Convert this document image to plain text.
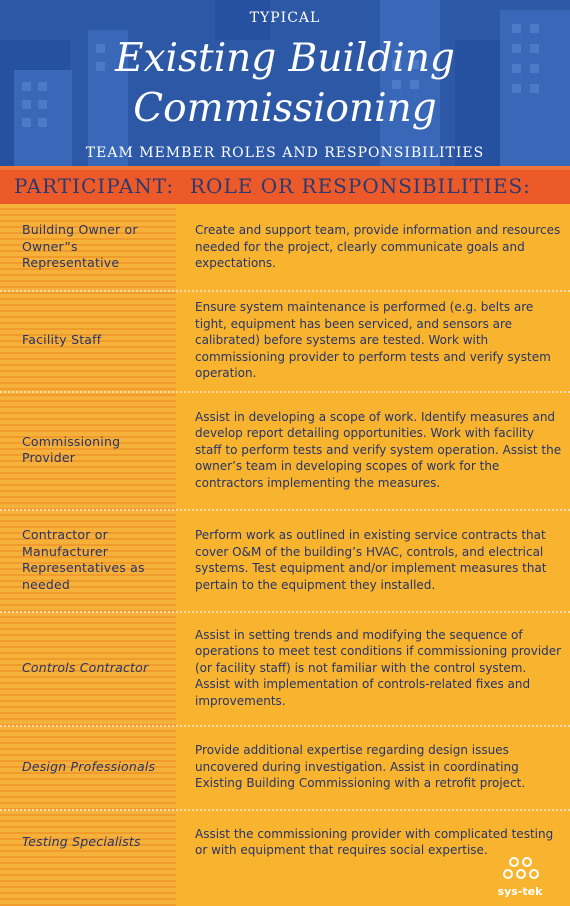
TYPICAL
Existing Building
Commissioning
TEAM MEMBER ROLES AND RESPONSIBILITIES
PARTICIPANT: ROLE OR RESPONSIBILITIES:
Building Owner or Owner”s Representative
Create and support team, provide information and resources needed for the project, clearly communicate goals and expectations.
Facility Staff
Ensure system maintenance is performed (e.g. belts are tight, equipment has been serviced, and sensors are calibrated) before systems are tested. Work with commissioning provider to perform tests and verify system operation.
Commissioning Provider
Assist in developing a scope of work. Identify measures and develop report detailing opportunities. Work with facility staff to perform tests and verify system operation. Assist the owner’s team in developing scopes of work for the contractors implementing the measures.
Contractor or Manufacturer Representatives as needed
Perform work as outlined in existing service contracts that cover O&M of the building’s HVAC, controls, and electrical systems. Test equipment and/or implement measures that pertain to the equipment they installed.
Controls Contractor
Assist in setting trends and modifying the sequence of operations to meet test conditions if commissioning provider (or facility staff) is not familiar with the control system. Assist with implementation of controls-related fixes and improvements.
Design Professionals
Provide additional expertise regarding design issues uncovered during investigation. Assist in coordinating Existing Building Commissioning with a retrofit project.
Testing Specialists
Assist the commissioning provider with complicated testing or with equipment that requires social expertise.
sys-tek
